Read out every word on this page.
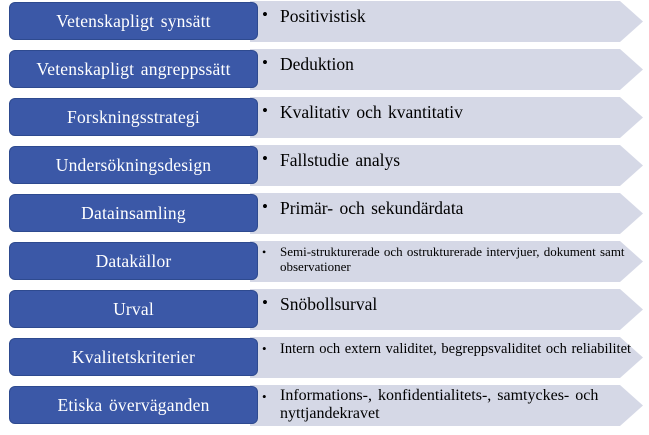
Vetenskapligt synsätt	• Positivistisk
Vetenskapligt angreppssätt	• Deduktion
Forskningsstrategi	• Kvalitativ och kvantitativ
Undersökningsdesign	• Fallstudie analys
Datainsamling	• Primär- och sekundärdata
Datakällor	•	Semi-strukturerade och ostrukturerade intervjuer, dokument samt observationer
Urval	• Snöbollsurval
Kvalitetskriterier	• Intern och extern validitet, begreppsvaliditet och reliabilitet
Etiska överväganden	• Informations-, konfidentialitets-, samtyckes- och nyttjandekravet
